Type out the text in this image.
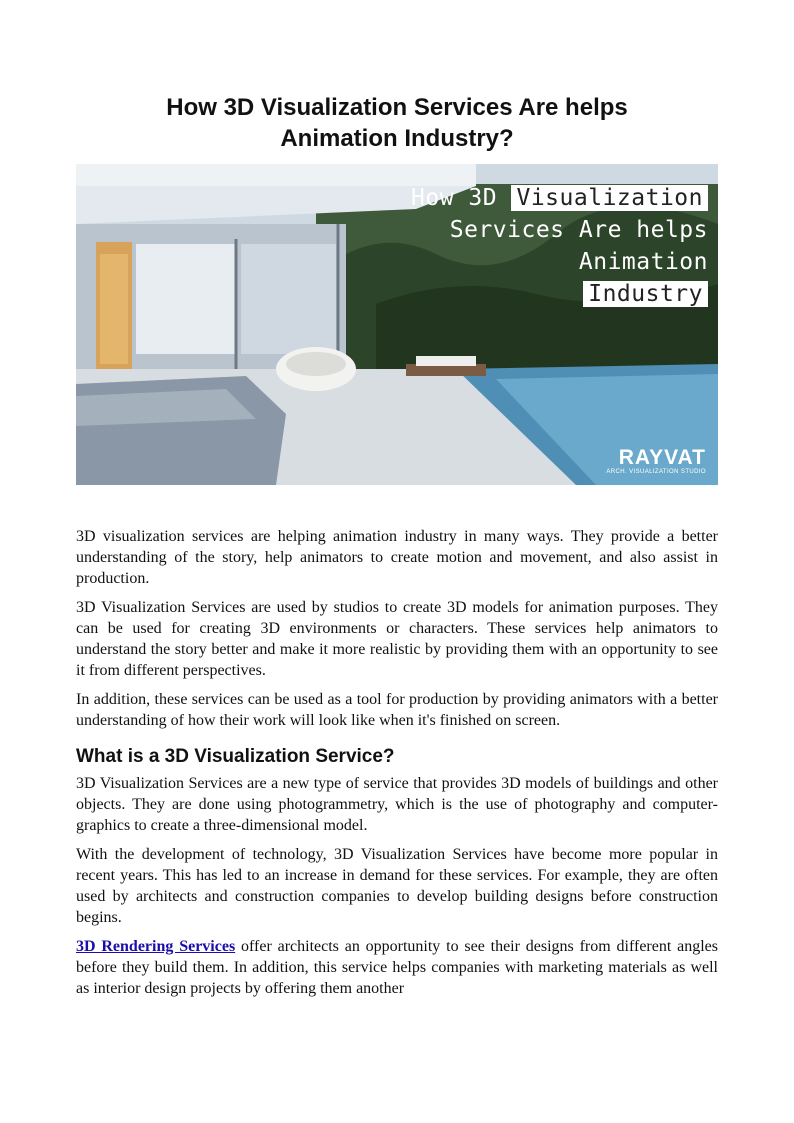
How 3D Visualization Services Are helps
Animation Industry?
How 3D Visualization
Services Are helps
Animation
Industry
RAYVAT
ARCH. VISUALIZATION STUDIO

3D visualization services are helping animation industry in many ways. They provide a better understanding of the story, help animators to create motion and movement, and also assist in production.

3D Visualization Services are used by studios to create 3D models for animation purposes. They can be used for creating 3D environments or characters. These services help animators to understand the story better and make it more realistic by providing them with an opportunity to see it from different perspectives.

In addition, these services can be used as a tool for production by providing animators with a better understanding of how their work will look like when it's finished on screen.

What is a 3D Visualization Service?

3D Visualization Services are a new type of service that provides 3D models of buildings and other objects. They are done using photogrammetry, which is the use of photography and computer-graphics to create a three-dimensional model.

With the development of technology, 3D Visualization Services have become more popular in recent years. This has led to an increase in demand for these services. For example, they are often used by architects and construction companies to develop building designs before construction begins.

3D Rendering Services offer architects an opportunity to see their designs from different angles before they build them. In addition, this service helps companies with marketing materials as well as interior design projects by offering them another
